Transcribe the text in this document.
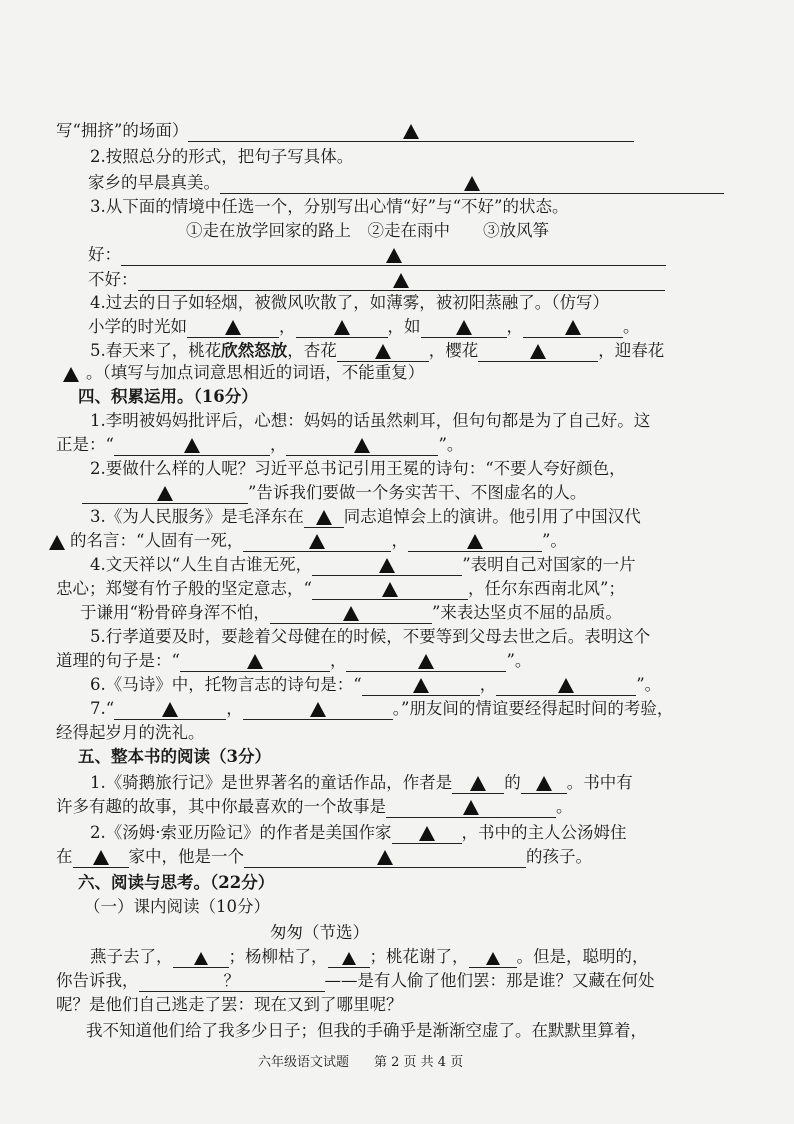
写“拥挤”的场面）
2.按照总分的形式，把句子写具体。
家乡的早晨真美。
3.从下面的情境中任选一个，分别写出心情“好”与“不好”的状态。
①走在放学回家的路上　②走在雨中　　③放风筝
好：
不好：
4.过去的日子如轻烟，被微风吹散了，如薄雾，被初阳蒸融了。（仿写）
小学的时光如	，	，如	，	。
5.春天来了，桃花欣然怒放，杏花	，樱花	，迎春花
。（填写与加点词意思相近的词语，不能重复）
四、积累运用。（16分）
1.李明被妈妈批评后，心想：妈妈的话虽然刺耳，但句句都是为了自己好。这
正是：“	，	”。
2.要做什么样的人呢？习近平总书记引用王冕的诗句：“不要人夸好颜色，
”告诉我们要做一个务实苦干、不图虚名的人。
3.《为人民服务》是毛泽东在 同志追悼会上的演讲。他引用了中国汉代
的名言：“人固有一死，	，	”。
4.文天祥以“人生自古谁无死，	”表明自己对国家的一片
忠心；郑燮有竹子般的坚定意志，“	，任尔东西南北风”；
于谦用“粉骨碎身浑不怕，	”来表达坚贞不屈的品质。
5.行孝道要及时，要趁着父母健在的时候，不要等到父母去世之后。表明这个
道理的句子是：“	，	”。
6.《马诗》中，托物言志的诗句是：“	，	”。
7.“	，	。”朋友间的情谊要经得起时间的考验，
经得起岁月的洗礼。
五、整本书的阅读（3分）
1.《骑鹅旅行记》是世界著名的童话作品，作者是	的	。书中有
许多有趣的故事，其中你最喜欢的一个故事是	。
2.《汤姆·索亚历险记》的作者是美国作家	，书中的主人公汤姆住
在	家中，他是一个	的孩子。
六、阅读与思考。（22分）
（一）课内阅读（10分）
匆匆（节选）
燕子去了，	；杨柳枯了，	；桃花谢了，	。但是，聪明的，
你告诉我，	？	——是有人偷了他们罢：那是谁？又藏在何处
呢？是他们自己逃走了罢：现在又到了哪里呢？
我不知道他们给了我多少日子；但我的手确乎是渐渐空虚了。在默默里算着，
六年级语文试题 第 2 页 共 4 页
